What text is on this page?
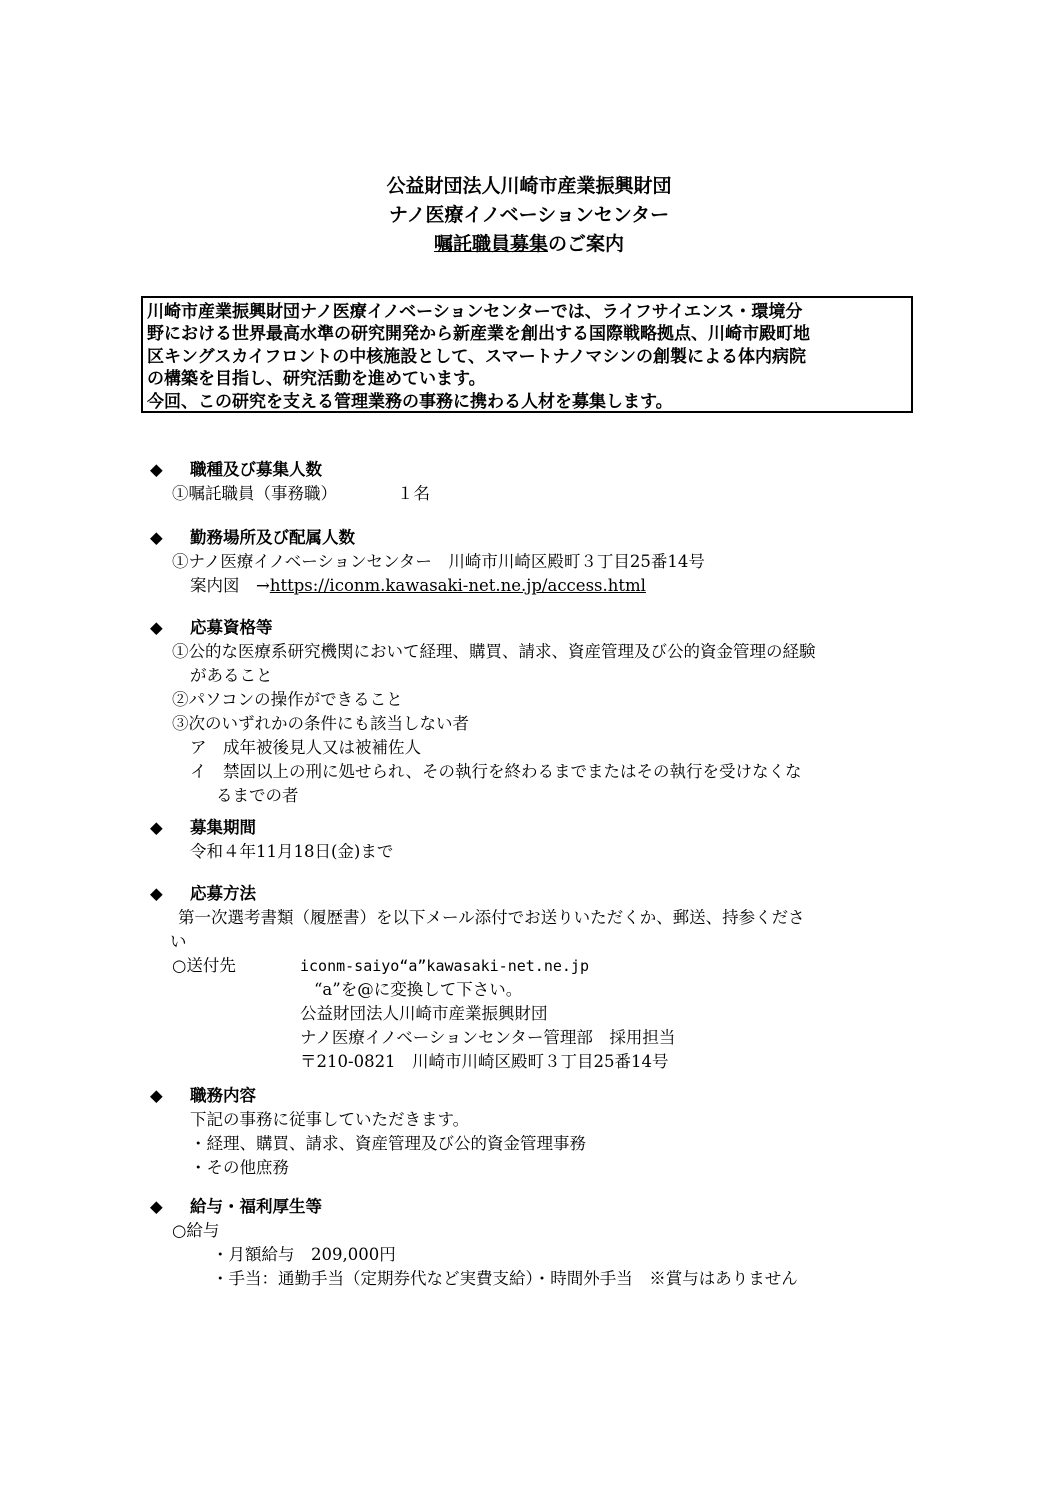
公益財団法人川崎市産業振興財団
ナノ医療イノベーションセンター
嘱託職員募集のご案内
川崎市産業振興財団ナノ医療イノベーションセンターでは、ライフサイエンス・環境分
野における世界最高水準の研究開発から新産業を創出する国際戦略拠点、川崎市殿町地
区キングスカイフロントの中核施設として、スマートナノマシンの創製による体内病院
の構築を目指し、研究活動を進めています。
今回、この研究を支える管理業務の事務に携わる人材を募集します。
◆ 職種及び募集人数
①嘱託職員（事務職）	１名
◆ 勤務場所及び配属人数
①ナノ医療イノベーションセンター　川崎市川崎区殿町３丁目25番14号
案内図　→https://iconm.kawasaki-net.ne.jp/access.html
◆ 応募資格等
①公的な医療系研究機関において経理、購買、請求、資産管理及び公的資金管理の経験
があること
②パソコンの操作ができること
③次のいずれかの条件にも該当しない者
ア　成年被後見人又は被補佐人
イ　禁固以上の刑に処せられ、その執行を終わるまでまたはその執行を受けなくな
るまでの者
◆ 募集期間
令和４年11月18日(金)まで
◆ 応募方法
第一次選考書類（履歴書）を以下メール添付でお送りいただくか、郵送、持参くださ
い
○送付先	iconm-saiyo“a”kawasaki-net.ne.jp
“a”を@に変換して下さい。
公益財団法人川崎市産業振興財団
ナノ医療イノベーションセンター管理部　採用担当
〒210-0821　川崎市川崎区殿町３丁目25番14号
◆ 職務内容
下記の事務に従事していただきます。
・経理、購買、請求、資産管理及び公的資金管理事務
・その他庶務
◆ 給与・福利厚生等
○給与
・月額給与　209,000円
・手当：通勤手当（定期券代など実費支給）・時間外手当　※賞与はありません
